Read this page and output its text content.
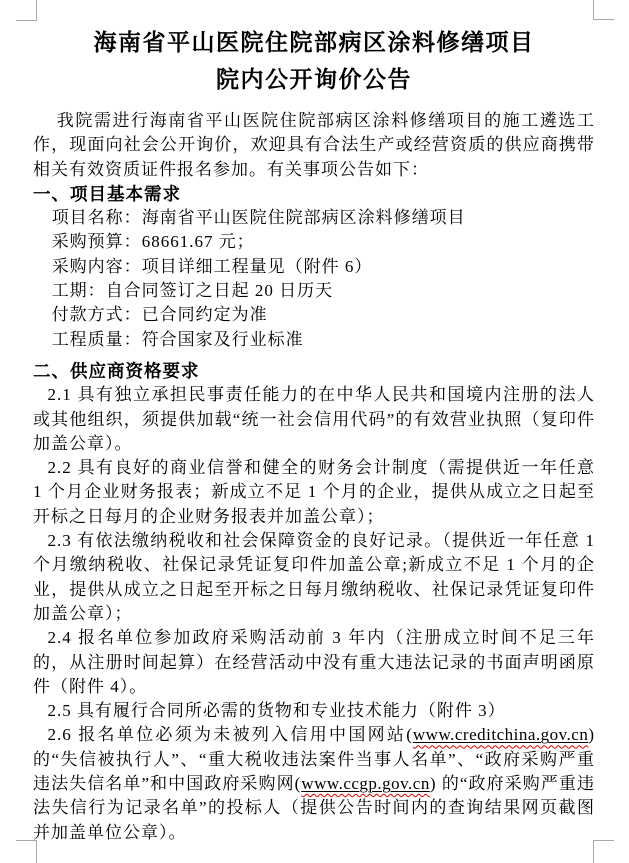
海南省平山医院住院部病区涂料修缮项目
院内公开询价公告

我院需进行海南省平山医院住院部病区涂料修缮项目的施工遴选工作，现面向社会公开询价，欢迎具有合法生产或经营资质的供应商携带相关有效资质证件报名参加。有关事项公告如下：

一、项目基本需求
项目名称：海南省平山医院住院部病区涂料修缮项目
采购预算：68661.67 元；
采购内容：项目详细工程量见（附件 6）
工期：自合同签订之日起 20 日历天
付款方式：已合同约定为准
工程质量：符合国家及行业标准
二、供应商资格要求

2.1 具有独立承担民事责任能力的在中华人民共和国境内注册的法人或其他组织，须提供加载“统一社会信用代码”的有效营业执照（复印件加盖公章）。

2.2 具有良好的商业信誉和健全的财务会计制度（需提供近一年任意 1 个月企业财务报表；新成立不足 1 个月的企业，提供从成立之日起至开标之日每月的企业财务报表并加盖公章）；

2.3 有依法缴纳税收和社会保障资金的良好记录。（提供近一年任意 1 个月缴纳税收、社保记录凭证复印件加盖公章;新成立不足 1 个月的企业，提供从成立之日起至开标之日每月缴纳税收、社保记录凭证复印件加盖公章）；

2.4 报名单位参加政府采购活动前 3 年内（注册成立时间不足三年的，从注册时间起算）在经营活动中没有重大违法记录的书面声明函原件（附件 4）。

2.5 具有履行合同所必需的货物和专业技术能力（附件 3）

2.6 报名单位必须为未被列入信用中国网站(www.creditchina.gov.cn)的“失信被执行人”、“重大税收违法案件当事人名单”、“政府采购严重违法失信名单”和中国政府采购网(www.ccgp.gov.cn) 的“政府采购严重违法失信行为记录名单”的投标人（提供公告时间内的查询结果网页截图并加盖单位公章）。
